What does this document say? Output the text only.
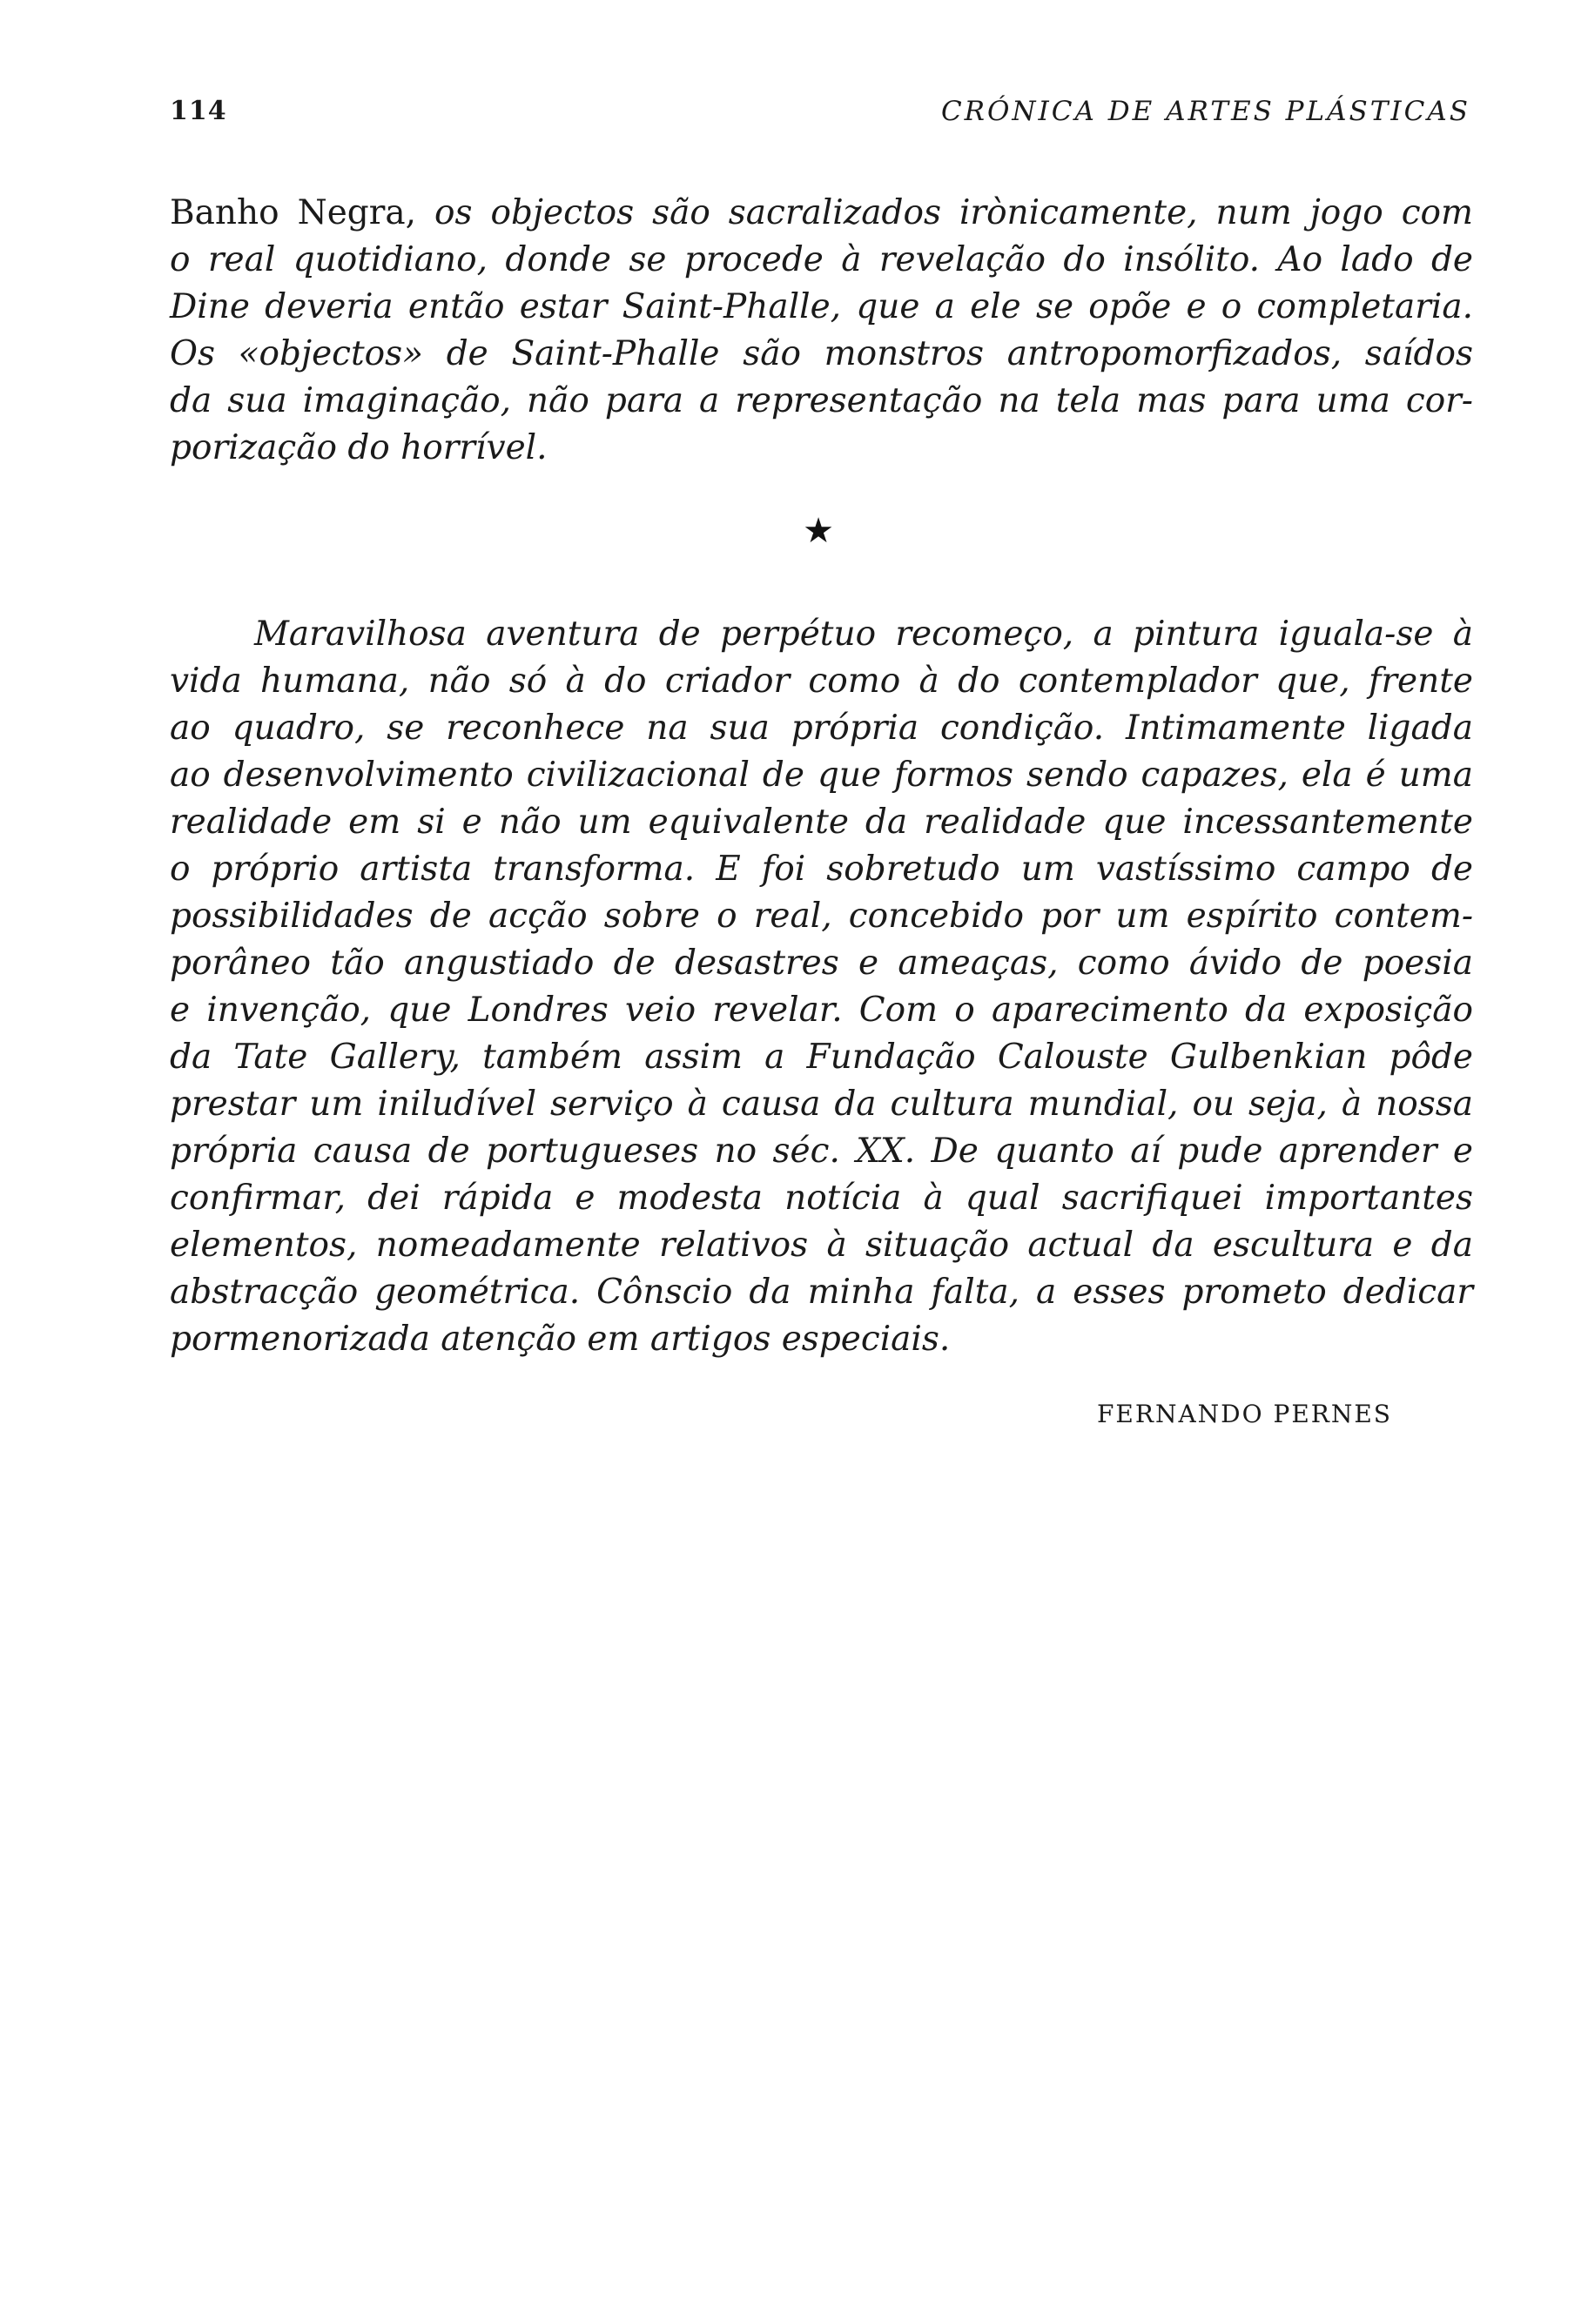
114	CRÓNICA DE ARTES PLÁSTICAS
Banho Negra, os objectos são sacralizados irònicamente, num jogo com
o real quotidiano, donde se procede à revelação do insólito. Ao lado de
Dine deveria então estar Saint-Phalle, que a ele se opõe e o completaria.
Os «objectos» de Saint-Phalle são monstros antropomorfizados, saídos
da sua imaginação, não para a representação na tela mas para uma cor-
porização do horrível.
★
Maravilhosa aventura de perpétuo recomeço, a pintura iguala-se à
vida humana, não só à do criador como à do contemplador que, frente
ao quadro, se reconhece na sua própria condição. Intimamente ligada
ao desenvolvimento civilizacional de que formos sendo capazes, ela é uma
realidade em si e não um equivalente da realidade que incessantemente
o próprio artista transforma. E foi sobretudo um vastíssimo campo de
possibilidades de acção sobre o real, concebido por um espírito contem-
porâneo tão angustiado de desastres e ameaças, como ávido de poesia
e invenção, que Londres veio revelar. Com o aparecimento da exposição
da Tate Gallery, também assim a Fundação Calouste Gulbenkian pôde
prestar um iniludível serviço à causa da cultura mundial, ou seja, à nossa
própria causa de portugueses no séc. XX. De quanto aí pude aprender e
confirmar, dei rápida e modesta notícia à qual sacrifiquei importantes
elementos, nomeadamente relativos à situação actual da escultura e da
abstracção geométrica. Cônscio da minha falta, a esses prometo dedicar
pormenorizada atenção em artigos especiais.
FERNANDO PERNES
